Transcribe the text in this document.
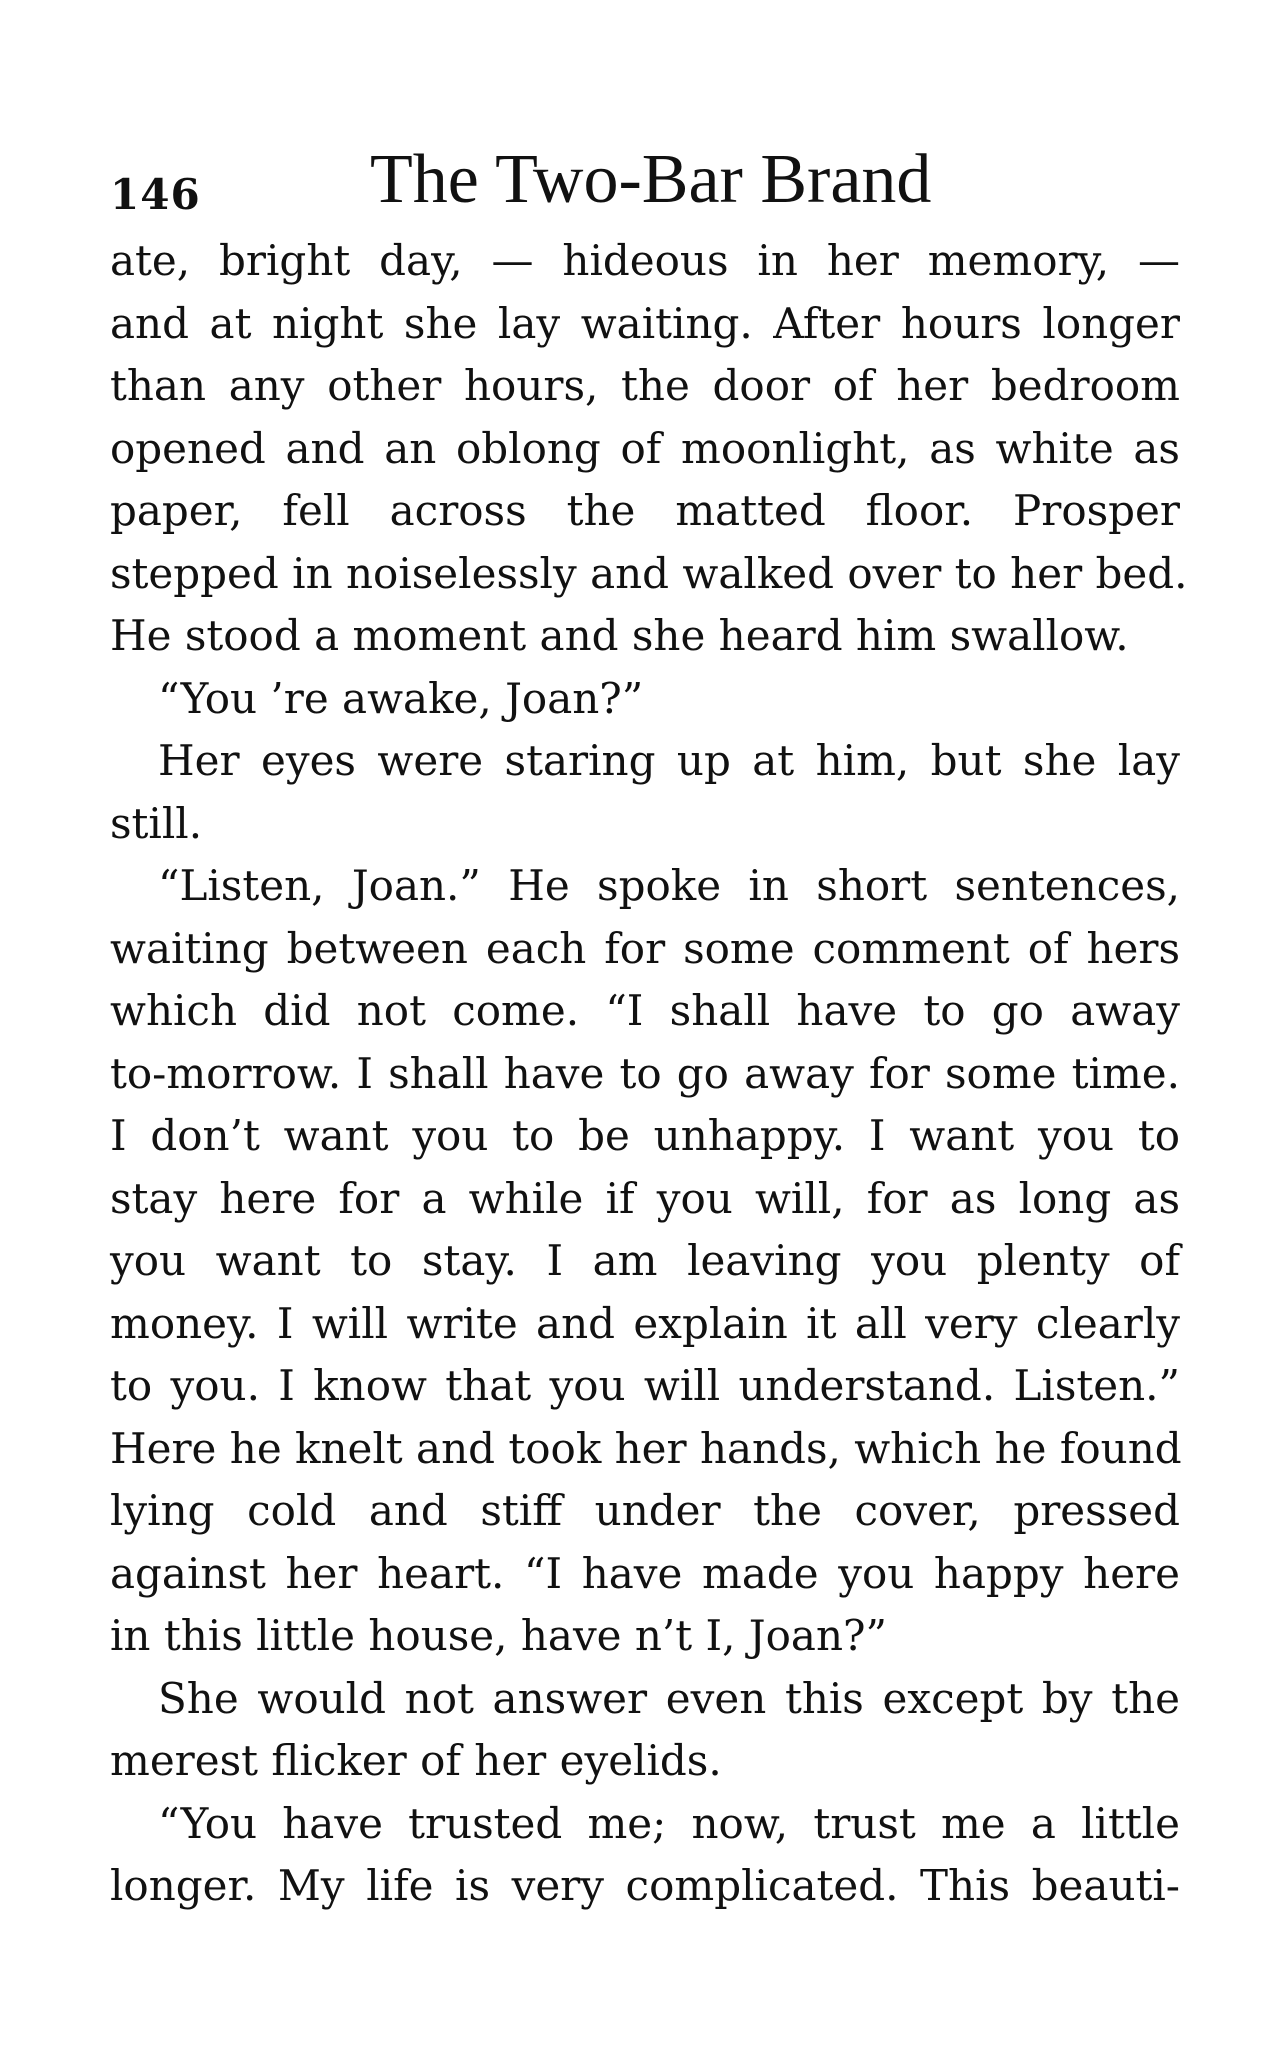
146 The Two-Bar Brand
ate, bright day, — hideous in her memory, —
and at night she lay waiting. After hours longer
than any other hours, the door of her bedroom
opened and an oblong of moonlight, as white as
paper, fell across the matted floor. Prosper
stepped in noiselessly and walked over to her bed.
He stood a moment and she heard him swallow.
“You ’re awake, Joan?”
Her eyes were staring up at him, but she lay
still.
“Listen, Joan.” He spoke in short sentences,
waiting between each for some comment of hers
which did not come. “I shall have to go away
to-morrow. I shall have to go away for some time.
I don’t want you to be unhappy. I want you to
stay here for a while if you will, for as long as
you want to stay. I am leaving you plenty of
money. I will write and explain it all very clearly
to you. I know that you will understand. Listen.”
Here he knelt and took her hands, which he found
lying cold and stiff under the cover, pressed
against her heart. “I have made you happy here
in this little house, have n’t I, Joan?”
She would not answer even this except by the
merest flicker of her eyelids.
“You have trusted me; now, trust me a little
longer. My life is very complicated. This beauti-
